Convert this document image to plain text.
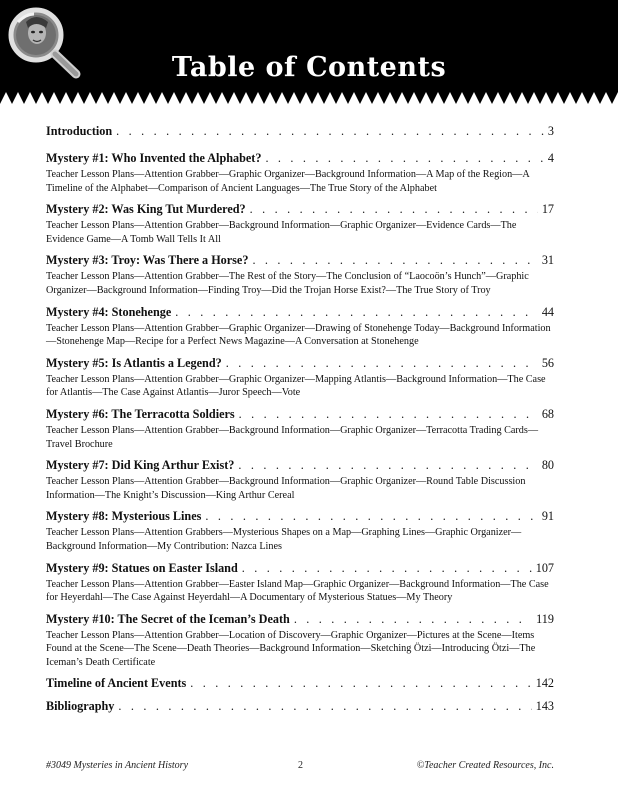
Table of Contents
Introduction . . .	3
Mystery #1: Who Invented the Alphabet? . . .	4
Teacher Lesson Plans—Attention Grabber—Graphic Organizer—Background Information—A Map of the Region—A Timeline of the Alphabet—Comparison of Ancient Languages—The True Story of the Alphabet
Mystery #2: Was King Tut Murdered? . . .	17
Teacher Lesson Plans—Attention Grabber—Background Information—Graphic Organizer—Evidence Cards—The Evidence Game—A Tomb Wall Tells It All
Mystery #3: Troy: Was There a Horse? . . .	31
Teacher Lesson Plans—Attention Grabber—The Rest of the Story—The Conclusion of “Laocoön’s Hunch”—Graphic Organizer—Background Information—Finding Troy—Did the Trojan Horse Exist?—The True Story of Troy
Mystery #4: Stonehenge . . .	44
Teacher Lesson Plans—Attention Grabber—Graphic Organizer—Drawing of Stonehenge Today—Background Information—Stonehenge Map—Recipe for a Perfect News Magazine—A Conversation at Stonehenge
Mystery #5: Is Atlantis a Legend? . . .	56
Teacher Lesson Plans—Attention Grabber—Graphic Organizer—Mapping Atlantis—Background Information—The Case for Atlantis—The Case Against Atlantis—Juror Speech—Vote
Mystery #6: The Terracotta Soldiers . . .	68
Teacher Lesson Plans—Attention Grabber—Background Information—Graphic Organizer—Terracotta Trading Cards—Travel Brochure
Mystery #7: Did King Arthur Exist? . . .	80
Teacher Lesson Plans—Attention Grabber—Background Information—Graphic Organizer—Round Table Discussion Information—The Knight’s Discussion—King Arthur Cereal
Mystery #8: Mysterious Lines . . .	91
Teacher Lesson Plans—Attention Grabbers—Mysterious Shapes on a Map—Graphing Lines—Graphic Organizer—Background Information—My Contribution: Nazca Lines
Mystery #9: Statues on Easter Island . . .	107
Teacher Lesson Plans—Attention Grabber—Easter Island Map—Graphic Organizer—Background Information—The Case for Heyerdahl—The Case Against Heyerdahl—A Documentary of Mysterious Statues—My Theory
Mystery #10: The Secret of the Iceman’s Death . . .	119
Teacher Lesson Plans—Attention Grabber—Location of Discovery—Graphic Organizer—Pictures at the Scene—Items Found at the Scene—The Scene—Death Theories—Background Information—Sketching Ötzi—Introducing Ötzi—The Iceman’s Death Certificate
Timeline of Ancient Events . . .	142
Bibliography . . .	143
#3049 Mysteries in Ancient History	2	©Teacher Created Resources, Inc.
